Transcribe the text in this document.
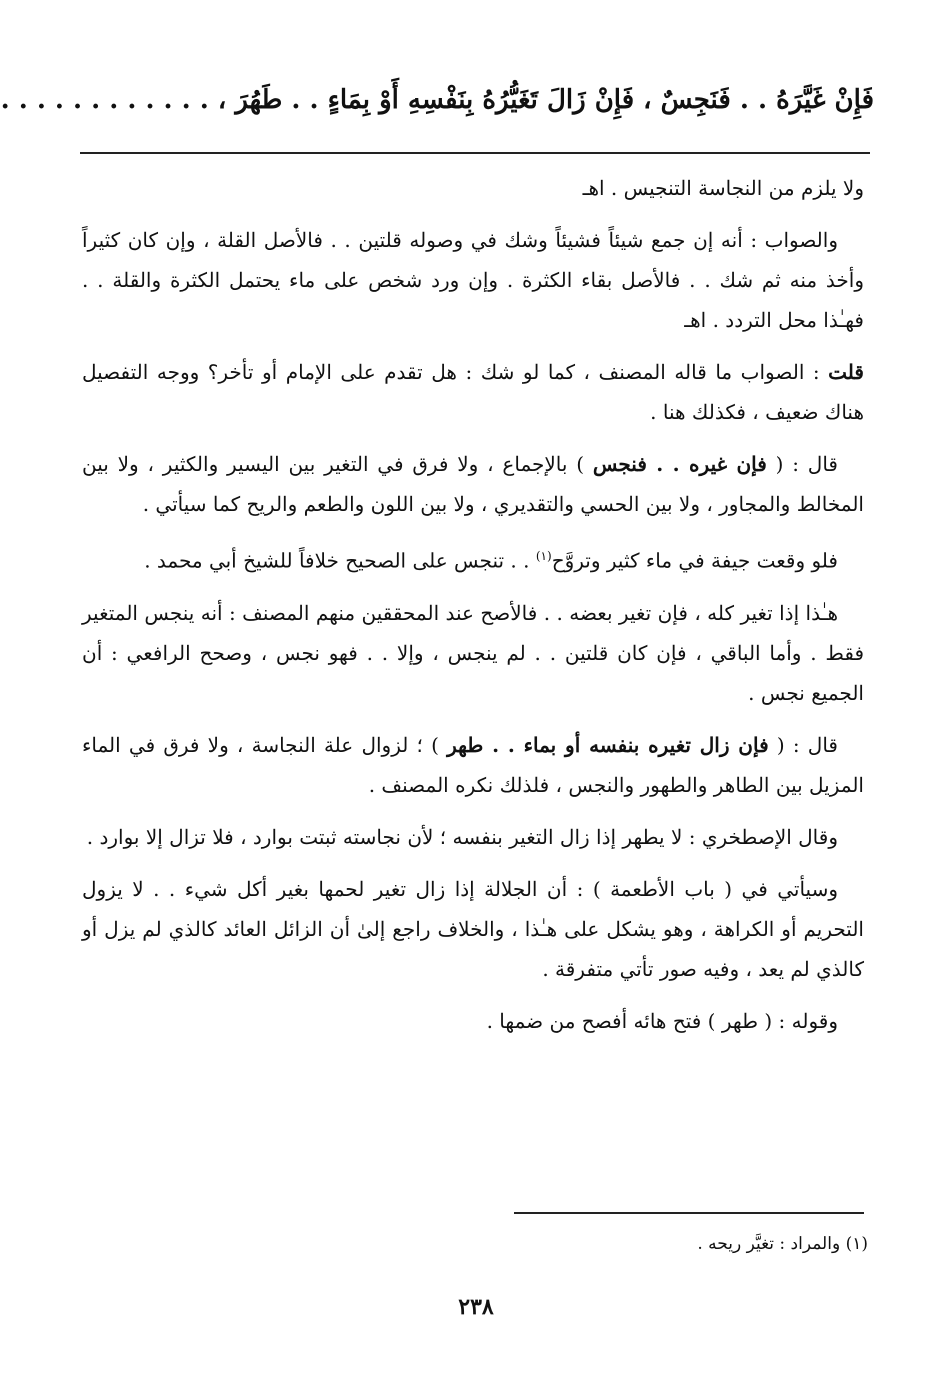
فَإِنْ غَيَّرَهُ . . فَنَجِسٌ ، فَإِنْ زَالَ تَغَيُّرُهُ بِنَفْسِهِ أَوْ بِمَاءٍ . . طَهُرَ ، . . . . . . . . . . . .

ولا يلزم من النجاسة التنجيس . اهـ

والصواب : أنه إن جمع شيئاً فشيئاً وشك في وصوله قلتين . . فالأصل القلة ، وإن كان كثيراً وأخذ منه ثم شك . . فالأصل بقاء الكثرة . وإن ورد شخص على ماء يحتمل الكثرة والقلة . . فهـٰذا محل التردد . اهـ

قلت : الصواب ما قاله المصنف ، كما لو شك : هل تقدم على الإمام أو تأخر؟ ووجه التفصيل هناك ضعيف ، فكذلك هنا .

قال : ( فإن غيره . . فنجس ) بالإجماع ، ولا فرق في التغير بين اليسير والكثير ، ولا بين المخالط والمجاور ، ولا بين الحسي والتقديري ، ولا بين اللون والطعم والريح كما سيأتي .

فلو وقعت جيفة في ماء كثير وتروَّح$^{(١)}$ . . تنجس على الصحيح خلافاً للشيخ أبي محمد .

هـٰذا إذا تغير كله ، فإن تغير بعضه . . فالأصح عند المحققين منهم المصنف : أنه ينجس المتغير فقط . وأما الباقي ، فإن كان قلتين . . لم ينجس ، وإلا . . فهو نجس ، وصحح الرافعي : أن الجميع نجس .

قال : ( فإن زال تغيره بنفسه أو بماء . . طهر ) ؛ لزوال علة النجاسة ، ولا فرق في الماء المزيل بين الطاهر والطهور والنجس ، فلذلك نكره المصنف .

وقال الإصطخري : لا يطهر إذا زال التغير بنفسه ؛ لأن نجاسته ثبتت بوارد ، فلا تزال إلا بوارد .

وسيأتي في ( باب الأطعمة ) : أن الجلالة إذا زال تغير لحمها بغير أكل شيء . . لا يزول التحريم أو الكراهة ، وهو يشكل على هـٰذا ، والخلاف راجع إلىٰ أن الزائل العائد كالذي لم يزل أو كالذي لم يعد ، وفيه صور تأتي متفرقة .

وقوله : ( طهر ) فتح هائه أفصح من ضمها .

(١) والمراد : تغيَّر ريحه .
٢٣٨
